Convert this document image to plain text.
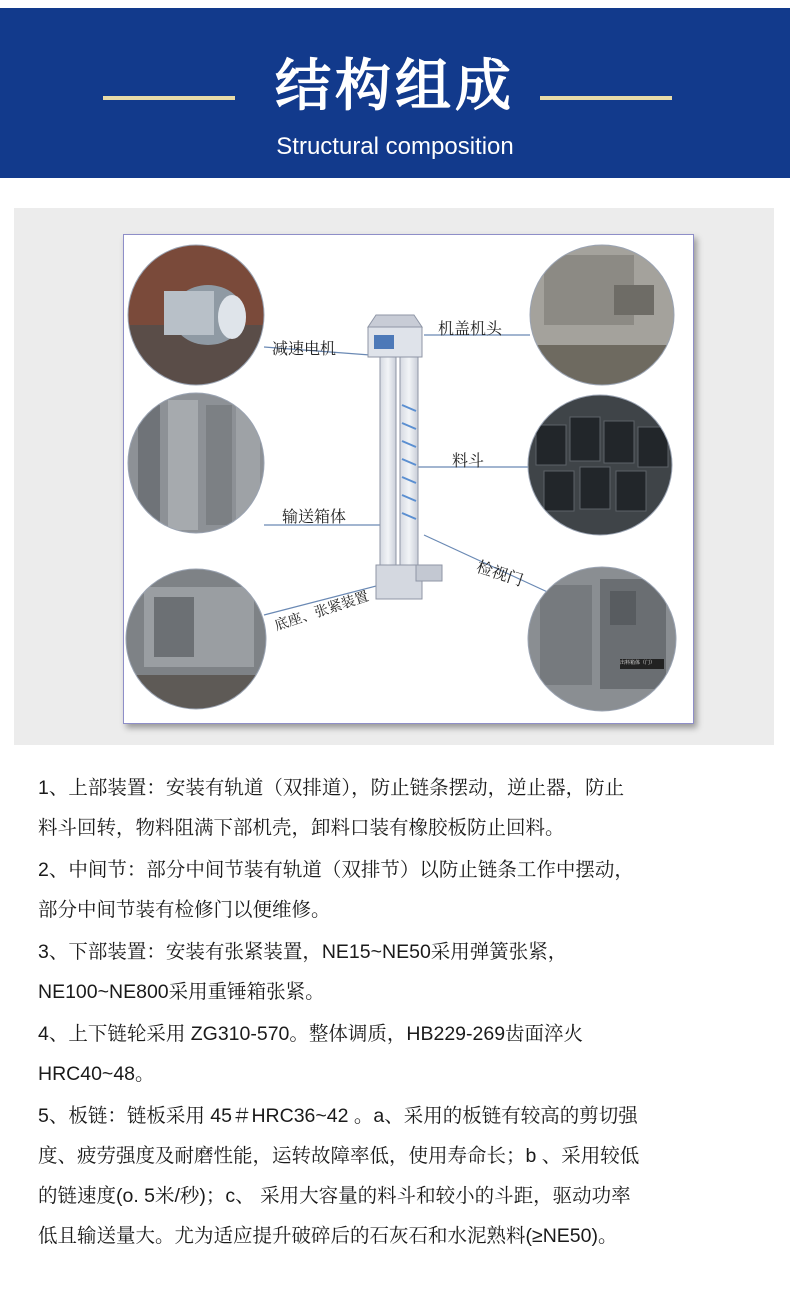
结构组成
Structural composition
减速电机
机盖机头
料斗
输送箱体
检视门
底座、张紧装置
出料箱体（门）

1、上部装置：安装有轨道（双排道），防止链条摆动，逆止器，防止
料斗回转，物料阻满下部机壳，卸料口装有橡胶板防止回料。

2、中间节：部分中间节装有轨道（双排节）以防止链条工作中摆动，
部分中间节装有检修门以便维修。

3、下部装置：安装有张紧装置，NE15~NE50采用弹簧张紧，
NE100~NE800采用重锤箱张紧。

4、上下链轮采用 ZG310-570。整体调质，HB229-269齿面淬火
HRC40~48。

5、板链：链板采用 45＃HRC36~42 。a、采用的板链有较高的剪切强
度、疲劳强度及耐磨性能，运转故障率低，使用寿命长；b 、采用较低
的链速度(o. 5米/秒)；c、 采用大容量的料斗和较小的斗距，驱动功率
低且输送量大。尤为适应提升破碎后的石灰石和水泥熟料(≥NE50)。
